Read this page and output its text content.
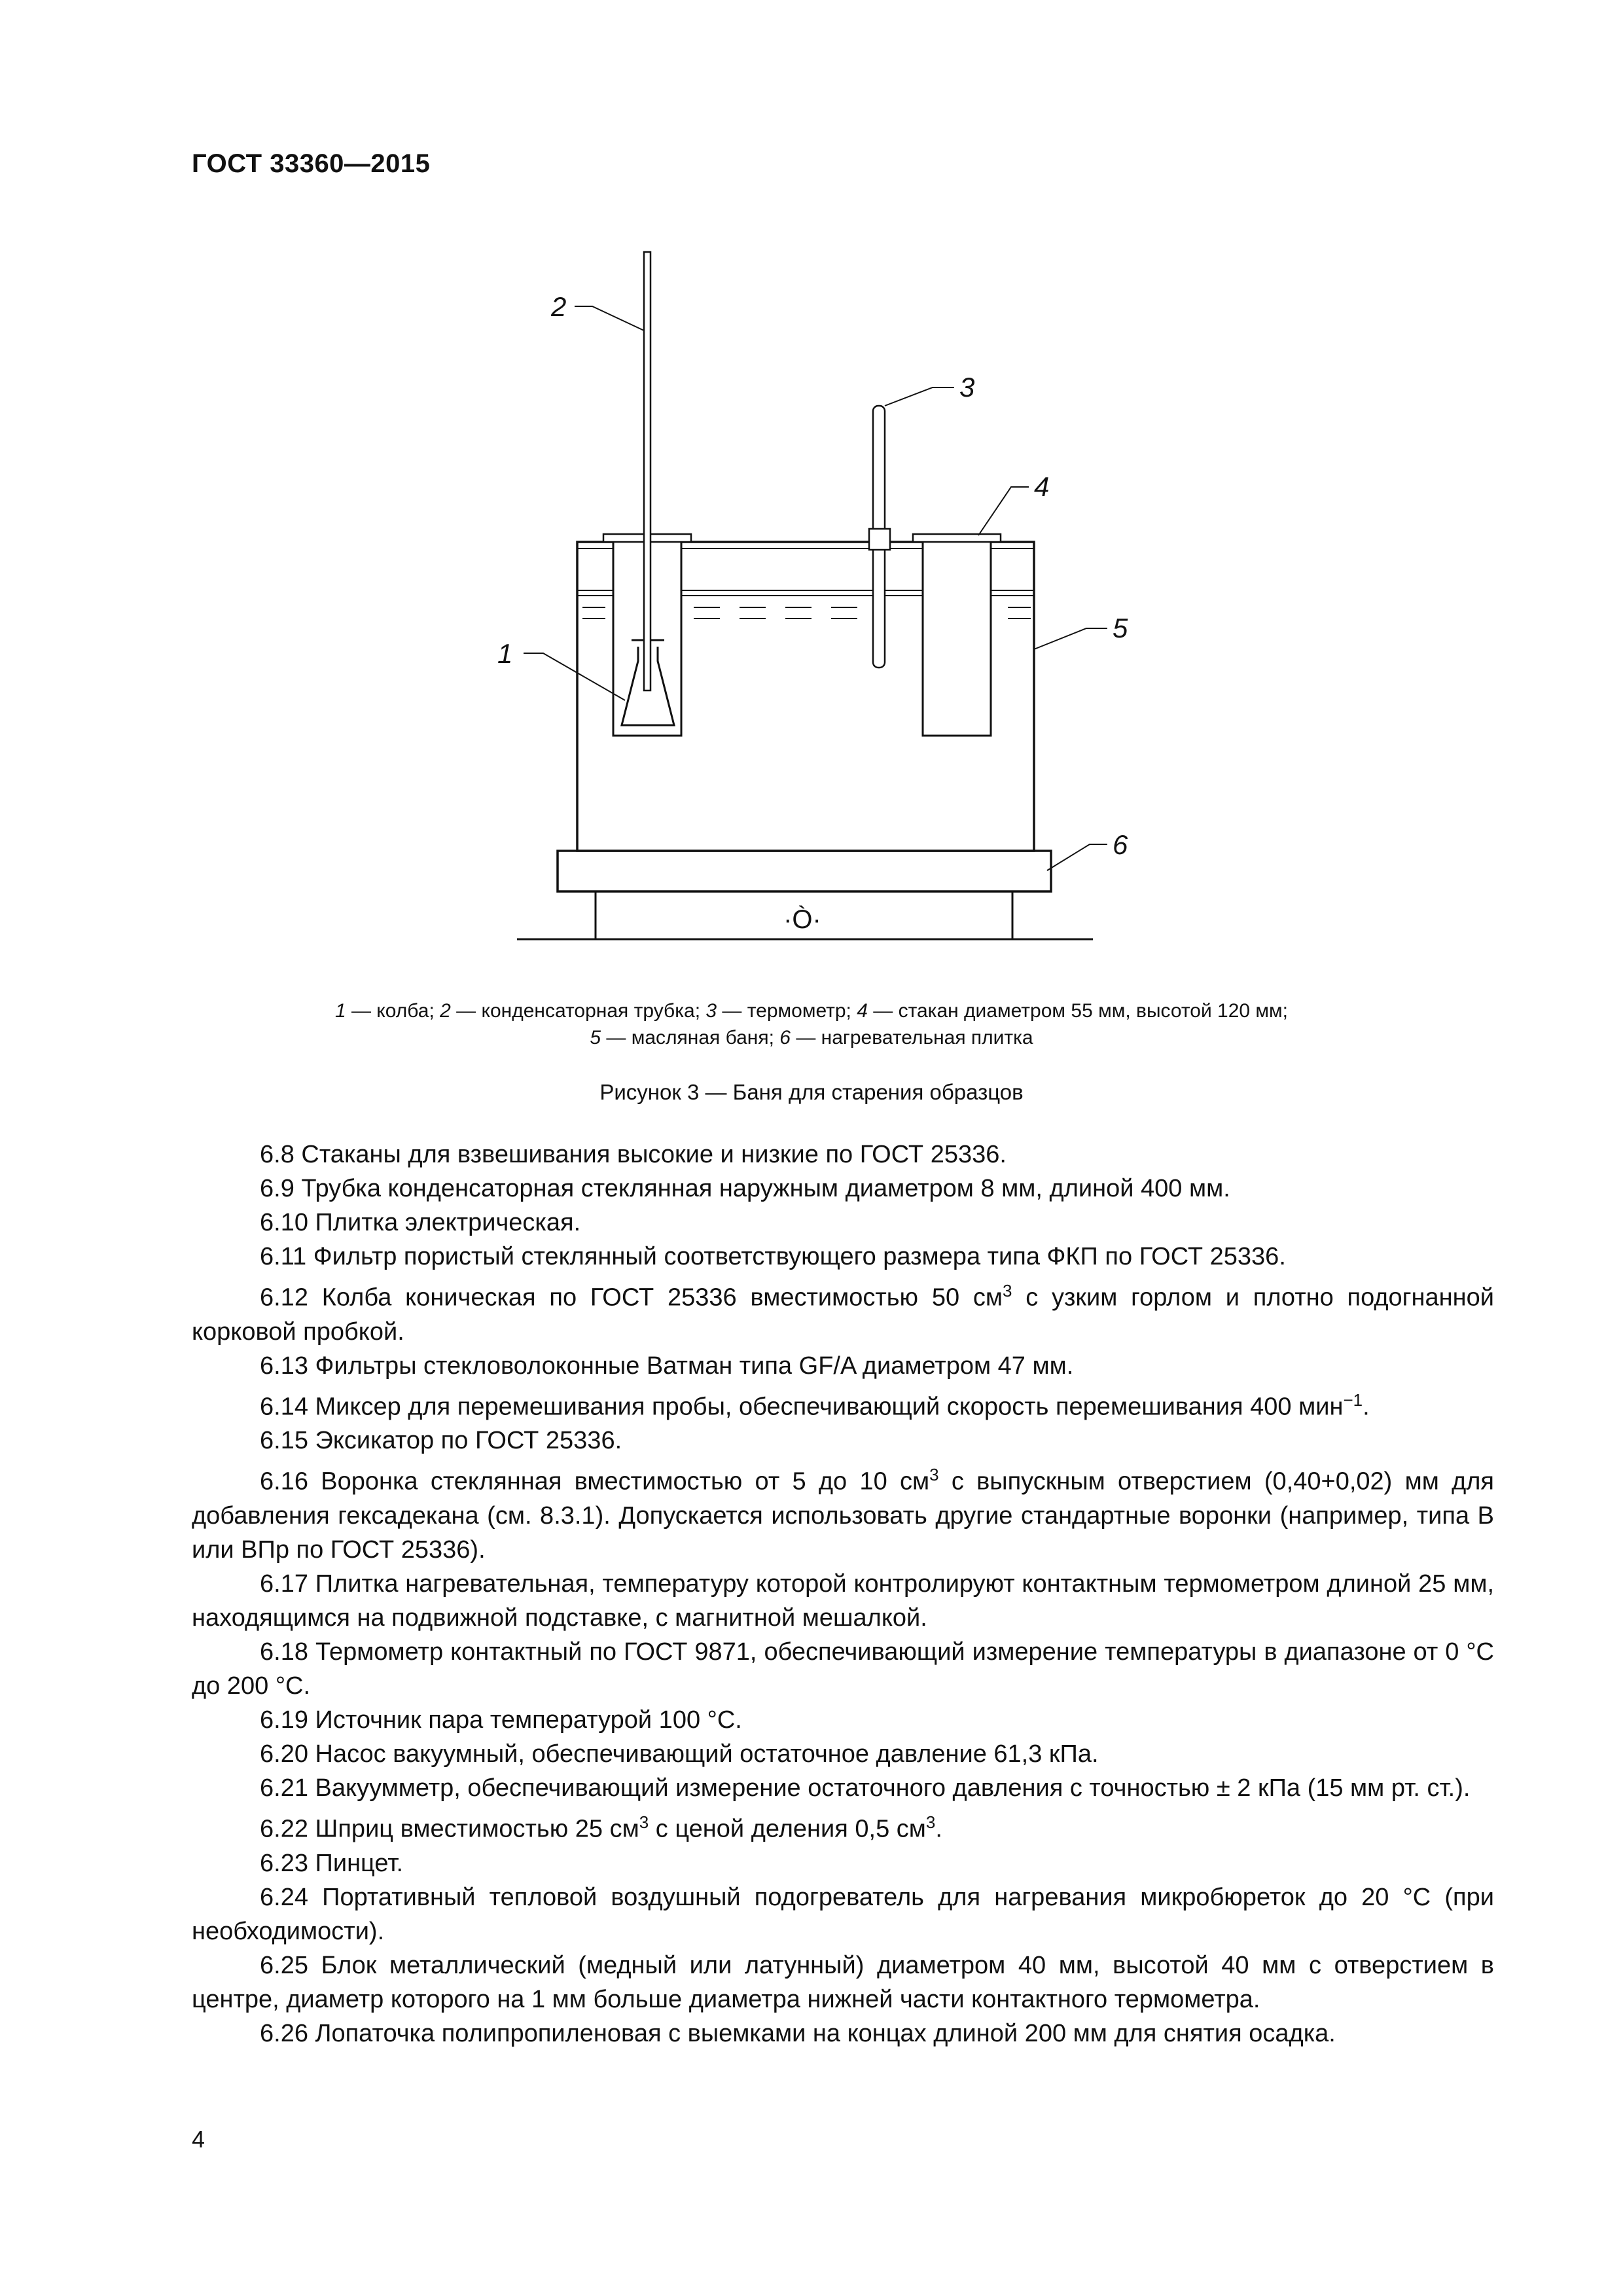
ГОСТ 33360—2015
·Ò·
1
2
3
4
5
6
1 — колба; 2 — конденсаторная трубка; 3 — термометр; 4 — стакан диаметром 55 мм, высотой 120 мм;
5 — масляная баня; 6 — нагревательная плитка
Рисунок 3 — Баня для старения образцов

6.8 Стаканы для взвешивания высокие и низкие по ГОСТ 25336.

6.9 Трубка конденсаторная стеклянная наружным диаметром 8 мм, длиной 400 мм.

6.10 Плитка электрическая.

6.11 Фильтр пористый стеклянный соответствующего размера типа ФКП по ГОСТ 25336.

6.12 Колба коническая по ГОСТ 25336 вместимостью 50 $см^3$ с узким горлом и плотно подогнанной корковой пробкой.

6.13 Фильтры стекловолоконные Ватман типа GF/A диаметром 47 мм.

6.14 Миксер для перемешивания пробы, обеспечивающий скорость перемешивания 400 мин$^{-1}$.

6.15 Эксикатор по ГОСТ 25336.

6.16 Воронка стеклянная вместимостью от 5 до 10 $см^3$ с выпускным отверстием (0,40+0,02) мм для добавления гексадекана (см. 8.3.1). Допускается использовать другие стандартные воронки (например, типа В или ВПр по ГОСТ 25336).

6.17 Плитка нагревательная, температуру которой контролируют контактным термометром длиной 25 мм, находящимся на подвижной подставке, с магнитной мешалкой.

6.18 Термометр контактный по ГОСТ 9871, обеспечивающий измерение температуры в диапазоне от 0 °С до 200 °С.

6.19 Источник пара температурой 100 °С.

6.20 Насос вакуумный, обеспечивающий остаточное давление 61,3 кПа.

6.21 Вакуумметр, обеспечивающий измерение остаточного давления с точностью ± 2 кПа (15 мм рт. ст.).

6.22 Шприц вместимостью 25 $см^3$ с ценой деления 0,5 $см^3$.

6.23 Пинцет.

6.24 Портативный тепловой воздушный подогреватель для нагревания микробюреток до 20 °С (при необходимости).

6.25 Блок металлический (медный или латунный) диаметром 40 мм, высотой 40 мм с отверстием в центре, диаметр которого на 1 мм больше диаметра нижней части контактного термометра.

6.26 Лопаточка полипропиленовая с выемками на концах длиной 200 мм для снятия осадка.

4
